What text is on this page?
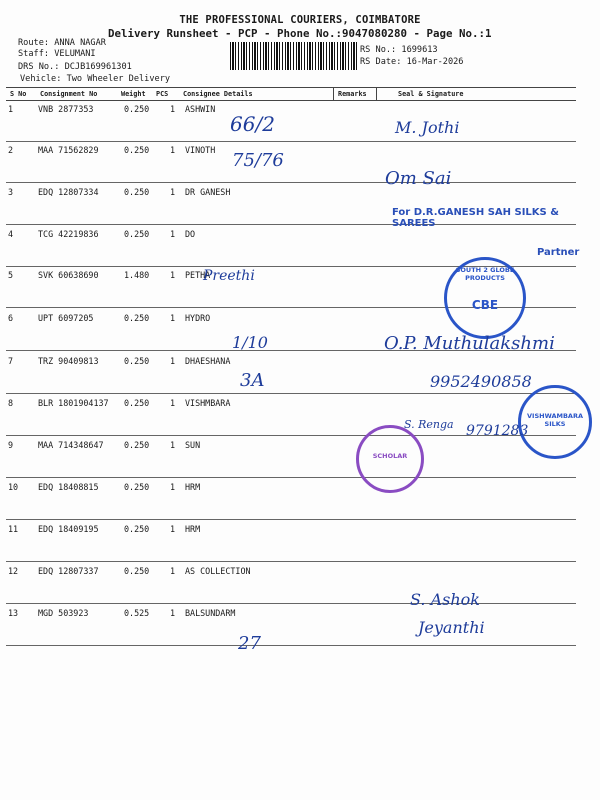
THE PROFESSIONAL COURIERS, COIMBATORE
Delivery Runsheet - PCP - Phone No.:9047080280 - Page No.:1
Route: ANNA NAGAR
Staff: VELUMANI
DRS No.: DCJB169961301
Vehicle: Two Wheeler Delivery
RS No.: 1699613
RS Date: 16-Mar-2026
S No Consignment No	Weight PCS Consignee Details	Remarks	Seal & Signature
1	VNB 2877353	0.250 1 ASHWIN
2	MAA 71562829	0.250 1 VINOTH
3	EDQ 12807334	0.250 1 DR GANESH
4	TCG 42219836	0.250 1 DO
5	SVK 60638690	1.480 1 PETHA
6	UPT 6097205	0.250 1 HYDRO
7	TRZ 90409813	0.250 1 DHAESHANA
8	BLR 1801904137 0.250 1 VISHMBARA
9	MAA 714348647 0.250 1 SUN
10 EDQ 18408815	0.250 1 HRM
11 EDQ 18409195	0.250 1 HRM
12 EDQ 12807337	0.250 1 AS COLLECTION
13 MGD 503923	0.525 1 BALSUNDARM
For D.R.GANESH SAH SILKS & SAREES
Partner
SOUTH 2 GLOBE PRODUCTS
CBE
VISHWAMBARA SILKS
SCHOLAR
66/2	M. Jothi
75/76
Om Sai
Preethi
1/10	O.P. Muthulakshmi
3A	9952490858
9791283
S. Renga
S. Ashok
Jeyanthi
27
